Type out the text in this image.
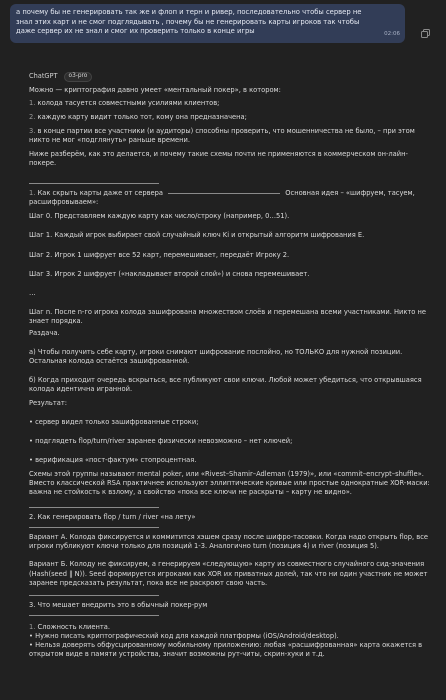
а почему бы не генерировать так же и флоп и терн и ривер, последовательно чтобы сервер не знал этих карт и не смог подглядывать , почему бы не генерировать карты игроков так чтобы даже сервер их не знал и смог их проверить только в конце игры	02:06
ChatGPT	o3-pro

Можно — криптография давно умеет «ментальный покер», в котором:

1. колода тасуется совместными усилиями клиентов;
2. каждую карту видит только тот, кому она предназначена;
3. в конце партии все участники (и аудиторы) способны проверить, что мошенничества не было, – при этом никто не мог «подглянуть» раньше времени.

Ниже разберём, как это делается, и почему такие схемы почти не применяются в коммерческом он-лайн-покере.

1. Как скрыть карты даже от сервера	Основная идея – «шифруем, тасуем, расшифровываем»:

Шаг 0. Представляем каждую карту как число/строку (например, 0…51).

Шаг 1. Каждый игрок выбирает свой случайный ключ Ki и открытый алгоритм шифрования E.

Шаг 2. Игрок 1 шифрует все 52 карт, перемешивает, передаёт Игроку 2.

Шаг 3. Игрок 2 шифрует («накладывает второй слой») и снова перемешивает.

…

Шаг n. После n-го игрока колода зашифрована множеством слоёв и перемешана всеми участниками. Никто не знает порядка.

Раздача.

а) Чтобы получить себе карту, игроки снимают шифрование послойно, но ТОЛЬКО для нужной позиции. Остальная колода остаётся зашифрованной.

б) Когда приходит очередь вскрыться, все публикуют свои ключи. Любой может убедиться, что открывшаяся колода идентична игранной.

Результат:

• сервер видел только зашифрованные строки;

• подглядеть flop/turn/river заранее физически невозможно – нет ключей;

• верификация «пост-фактум» стопроцентная.

Схемы этой группы называют mental poker, или «Rivest–Shamir–Adleman (1979)», или «commit–encrypt–shuffle». Вместо классической RSA практичнее используют эллиптические кривые или простые однократные XOR-маски: важна не стойкость к взлому, а свойство «пока все ключи не раскрыты – карту не видно».

2. Как генерировать flop / turn / river «на лету»

Вариант А. Колода фиксируется и коммитится хэшем сразу после шифро-тасовки. Когда надо открыть flop, все игроки публикуют ключи только для позиций 1-3. Аналогично turn (позиция 4) и river (позиция 5).

Вариант Б. Колоду не фиксируем, а генерируем «следующую» карту из совместного случайного сид-значения (Hash(seed ‖ N)). Seed формируется игроками как XOR их приватных долей, так что ни один участник не может заранее предсказать результат, пока все не раскроют свою часть.

3. Что мешает внедрить это в обычный покер-рум

1. Сложность клиента.

• Нужно писать криптографический код для каждой платформы (iOS/Android/desktop).

• Нельзя доверять обфусцированному мобильному приложению: любая «расшифрованная» карта окажется в открытом виде в памяти устройства, значит возможны рут-читы, скрин-хуки и т.д.
